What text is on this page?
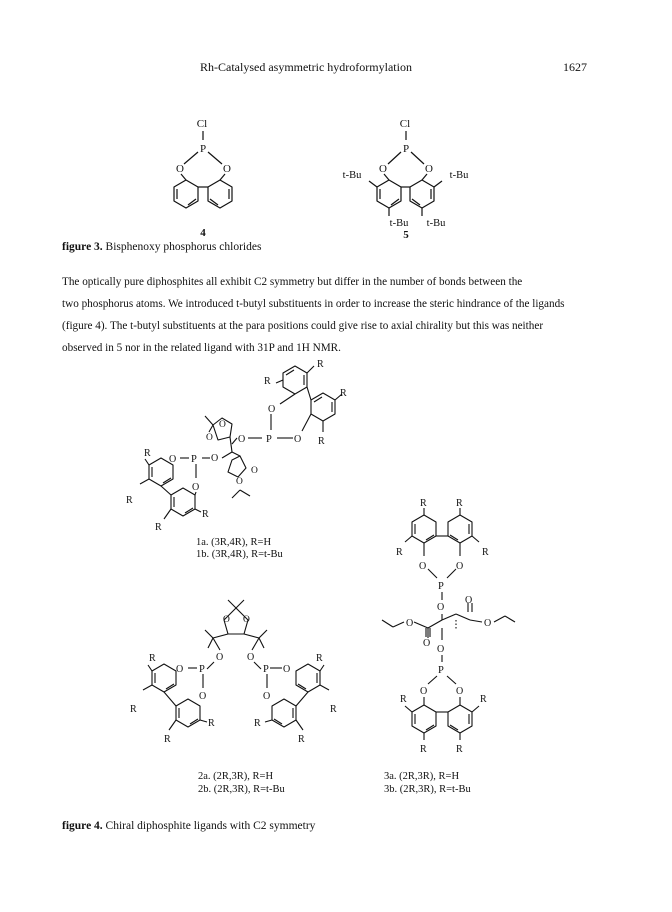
Rh-Catalysed asymmetric hydroformylation	1627
Cl
P
O	O
4
Cl
P
O	O
t-Bu	t-Bu
t-Bu t-Bu
5
R
R
R
R
O
P O
O
O
O
O
O
O
P
O
O
R
R
R
R
1a. (3R,4R), R=H
1b. (3R,4R), R=t-Bu
O O
O O
P	P
O	O
O	O
R
R
R
R
R
R
R
R
2a. (2R,3R), R=H
2b. (2R,3R), R=t-Bu
R	R
R	R
O	O
P
O
O
O
O	O
O
P
O	O
R	R
R	R
3a. (2R,3R), R=H
3b. (2R,3R), R=t-Bu
figure 3. Bisphenoxy phosphorus chlorides

The optically pure diphosphites all exhibit C2 symmetry but differ in the number of bonds between the

two phosphorus atoms. We introduced t-butyl substituents in order to increase the steric hindrance of the ligands

(figure 4). The t-butyl substituents at the para positions could give rise to axial chirality but this was neither

observed in 5 nor in the related ligand with 31P and 1H NMR.

figure 4. Chiral diphosphite ligands with C2 symmetry
